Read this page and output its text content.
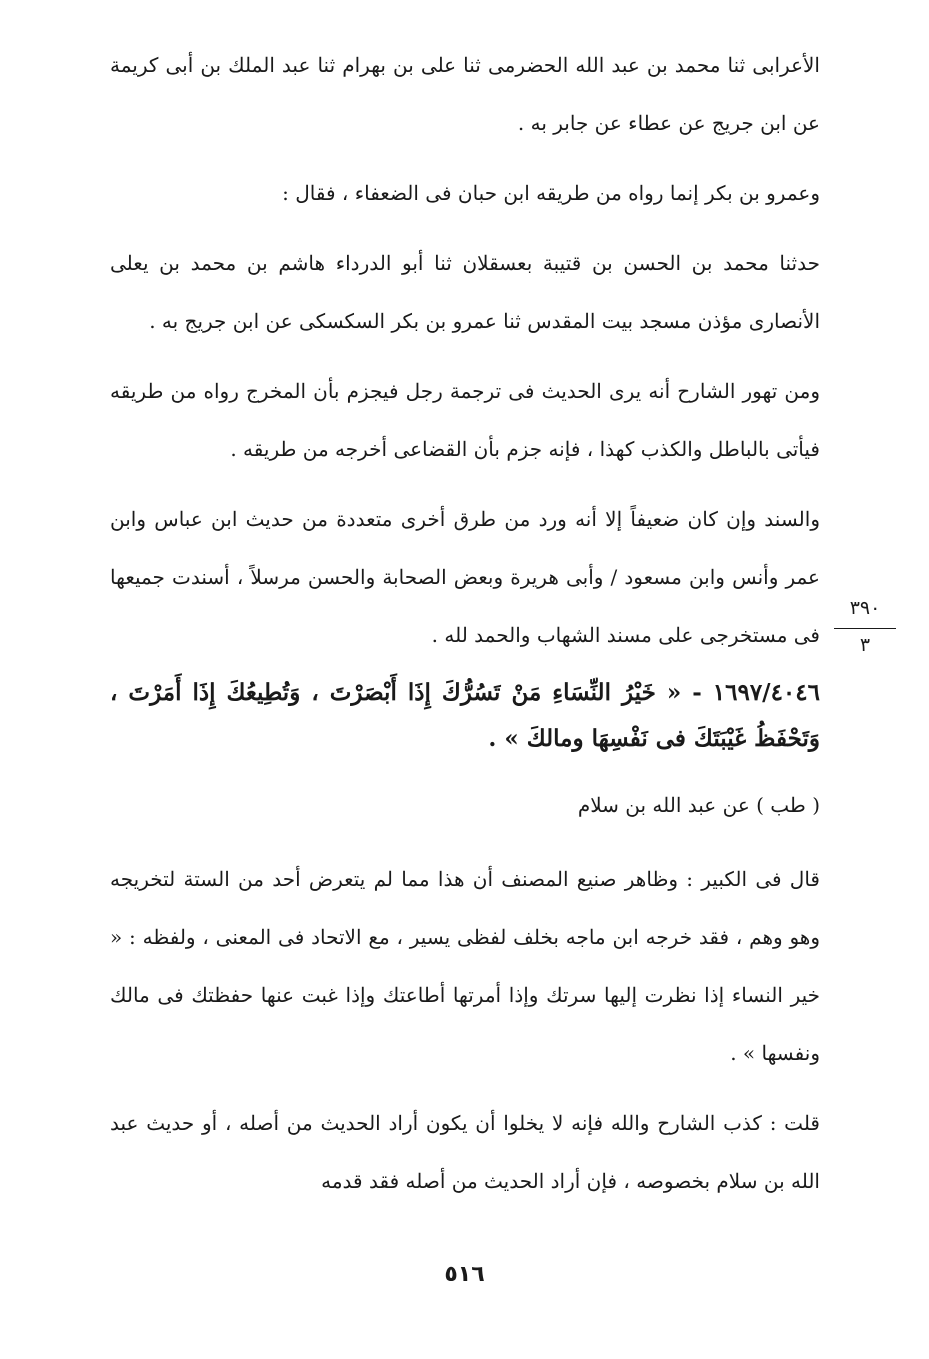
الأعرابى ثنا محمد بن عبد الله الحضرمى ثنا على بن بهرام ثنا عبد الملك بن أبى كريمة عن ابن جريج عن عطاء عن جابر به .

وعمرو بن بكر إنما رواه من طريقه ابن حبان فى الضعفاء ، فقال :

حدثنا محمد بن الحسن بن قتيبة بعسقلان ثنا أبو الدرداء هاشم بن محمد بن يعلى الأنصارى مؤذن مسجد بيت المقدس ثنا عمرو بن بكر السكسكى عن ابن جريج به .

ومن تهور الشارح أنه يرى الحديث فى ترجمة رجل فيجزم بأن المخرج رواه من طريقه فيأتى بالباطل والكذب كهذا ، فإنه جزم بأن القضاعى أخرجه من طريقه .

والسند وإن كان ضعيفاً إلا أنه ورد من طرق أخرى متعددة من حديث ابن عباس وابن عمر وأنس وابن مسعود / وأبى هريرة وبعض الصحابة والحسن مرسلاً ، أسندت جميعها فى مستخرجى على مسند الشهاب والحمد لله .

١٦٩٧/٤٠٤٦ - « خَيْرُ النِّسَاءِ مَنْ تَسُرُّكَ إِذَا أَبْصَرْتَ ، وَتُطِيعُكَ إِذَا أَمَرْتَ ، وَتَحْفَظُ غَيْبَتَكَ فى نَفْسِهَا ومالكَ » .

( طب ) عن عبد الله بن سلام

قال فى الكبير : وظاهر صنيع المصنف أن هذا مما لم يتعرض أحد من الستة لتخريجه وهو وهم ، فقد خرجه ابن ماجه بخلف لفظى يسير ، مع الاتحاد فى المعنى ، ولفظه : « خير النساء إذا نظرت إليها سرتك وإذا أمرتها أطاعتك وإذا غبت عنها حفظتك فى مالك ونفسها » .

قلت : كذب الشارح والله فإنه لا يخلوا أن يكون أراد الحديث من أصله ، أو حديث عبد الله بن سلام بخصوصه ، فإن أراد الحديث من أصله فقد قدمه

٣٩٠
٣
٥١٦
